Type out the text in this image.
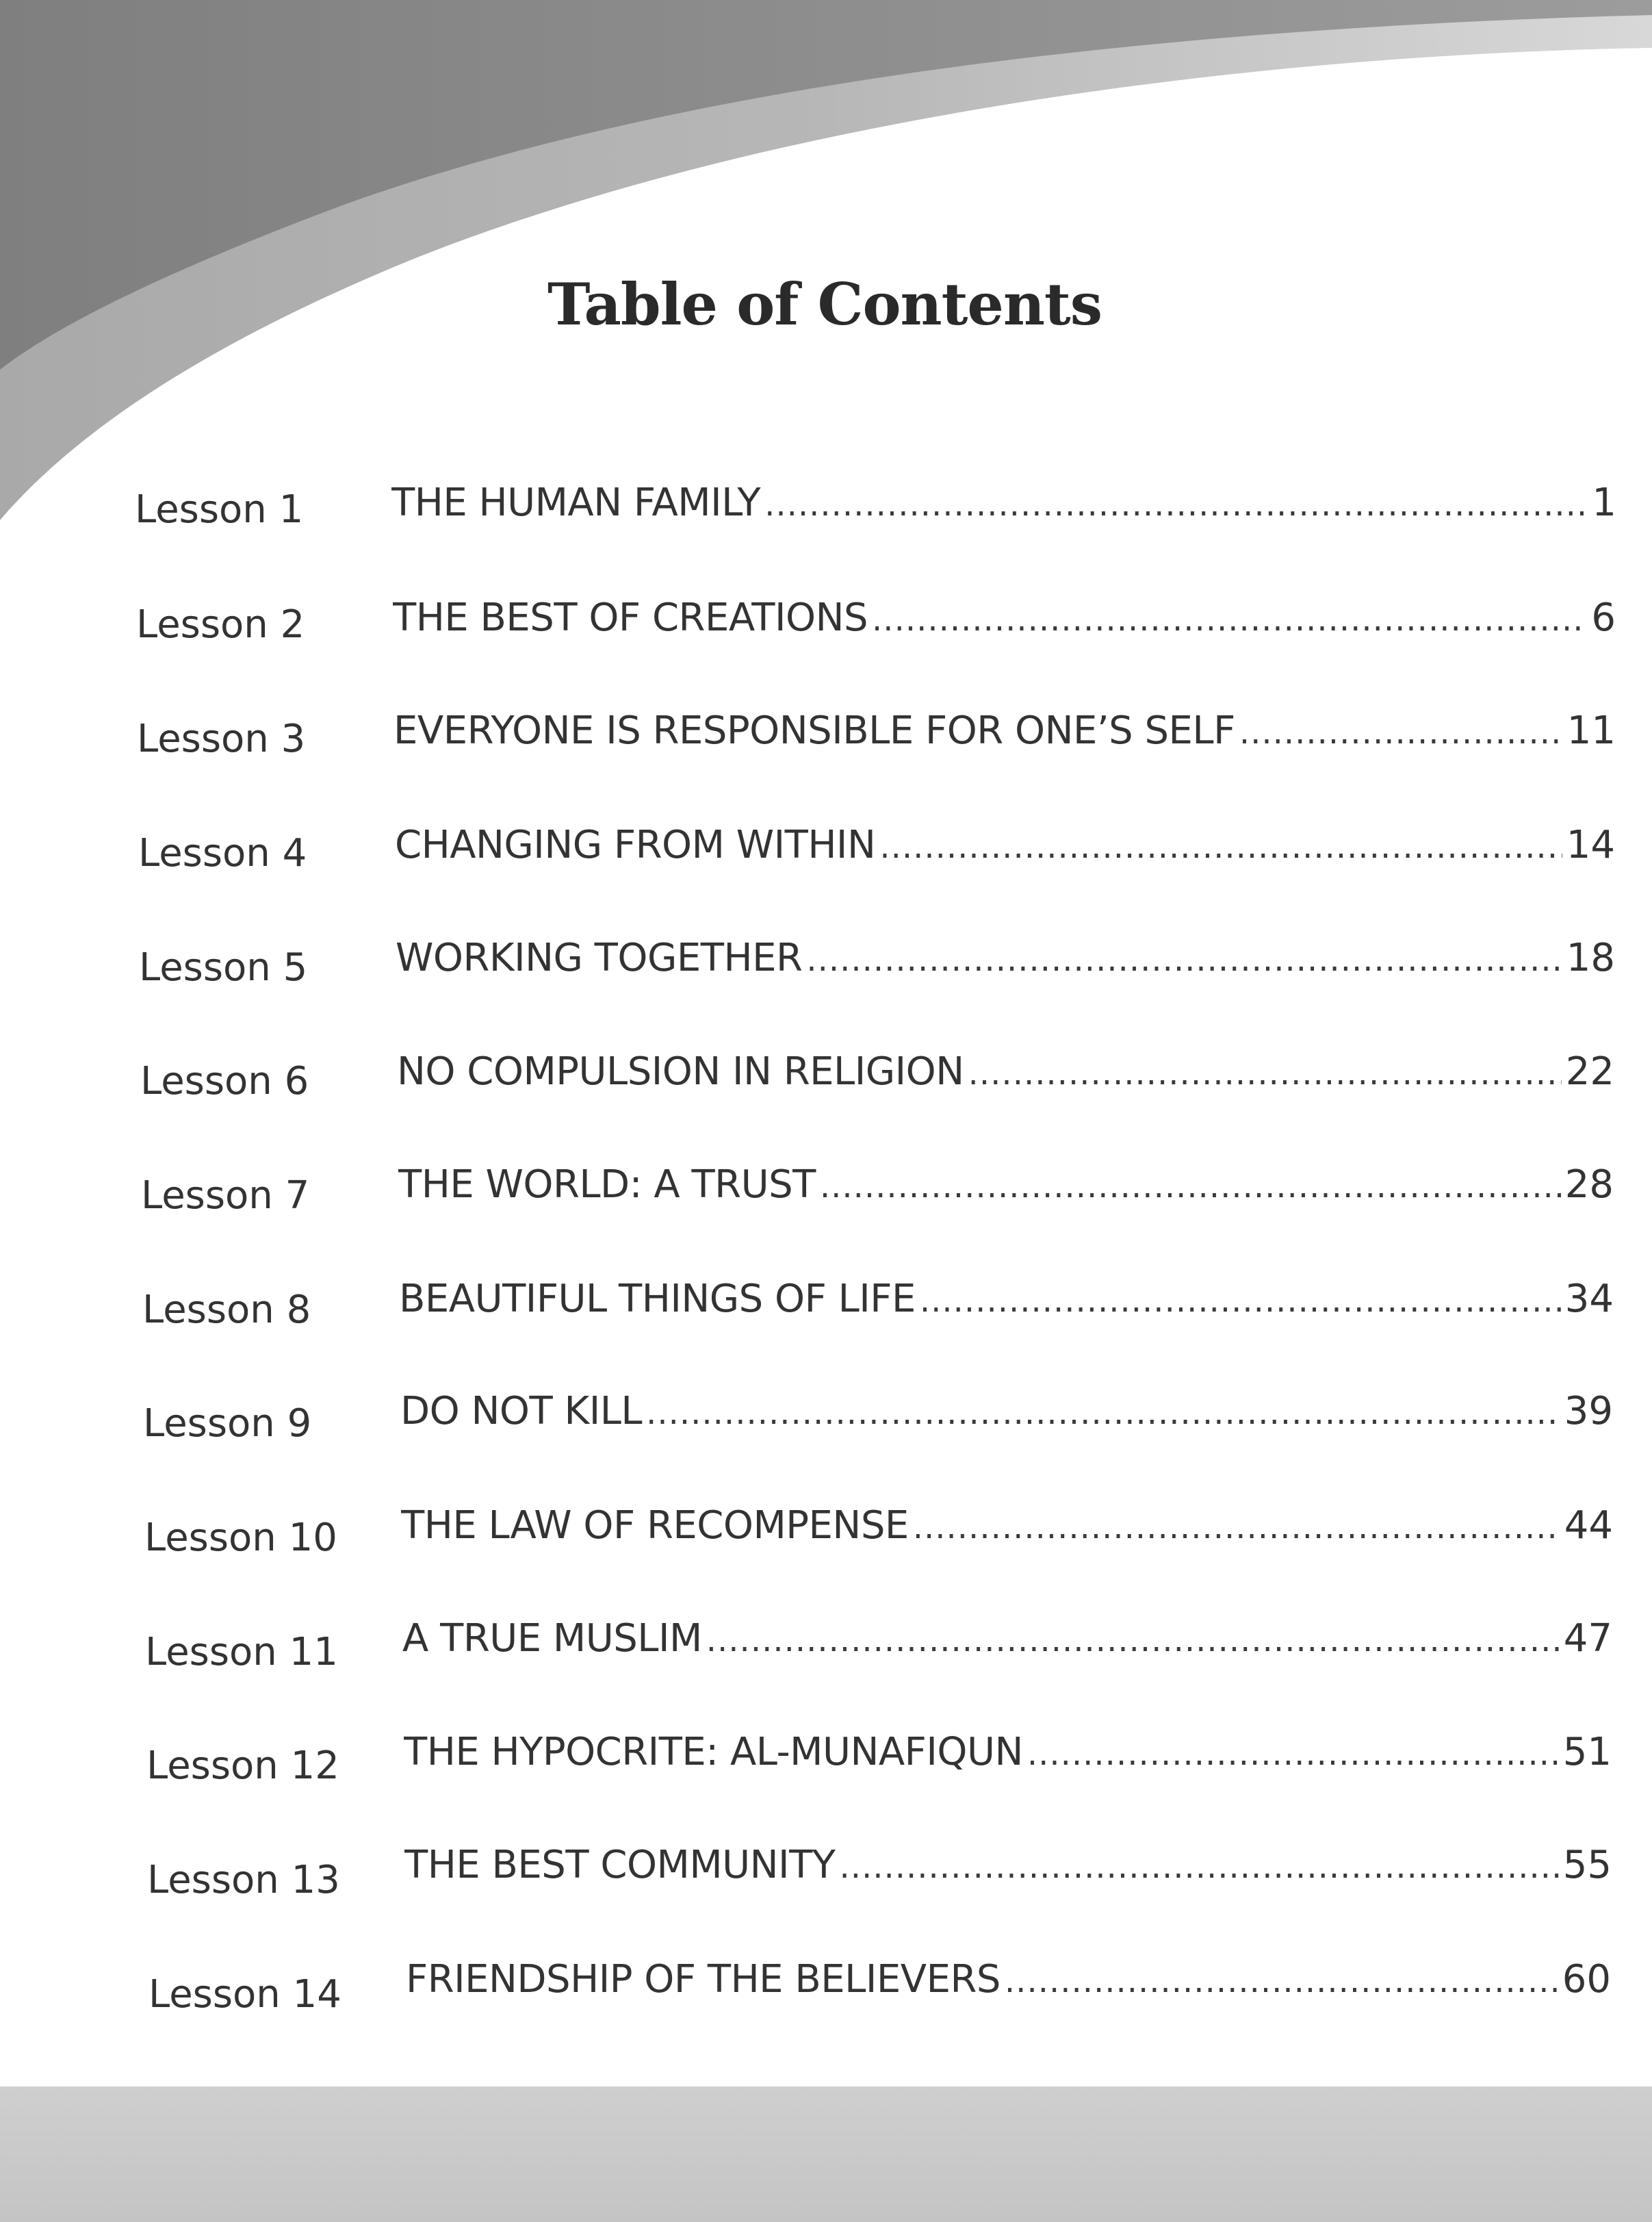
Table of Contents
Lesson 1 THE HUMAN FAMILY .....	1
Lesson 2 THE BEST OF CREATIONS .....	6
Lesson 3 EVERYONE IS RESPONSIBLE FOR ONE’S SELF .....	11
Lesson 4 CHANGING FROM WITHIN .....	14
Lesson 5 WORKING TOGETHER .....	18
Lesson 6 NO COMPULSION IN RELIGION .....	22
Lesson 7 THE WORLD: A TRUST .....	28
Lesson 8 BEAUTIFUL THINGS OF LIFE .....	34
Lesson 9 DO NOT KILL .....	39
Lesson 10 THE LAW OF RECOMPENSE .....	44
Lesson 11 A TRUE MUSLIM .....	47
Lesson 12 THE HYPOCRITE: AL-MUNAFIQUN .....	51
Lesson 13 THE BEST COMMUNITY .....	55
Lesson 14 FRIENDSHIP OF THE BELIEVERS .....	60
